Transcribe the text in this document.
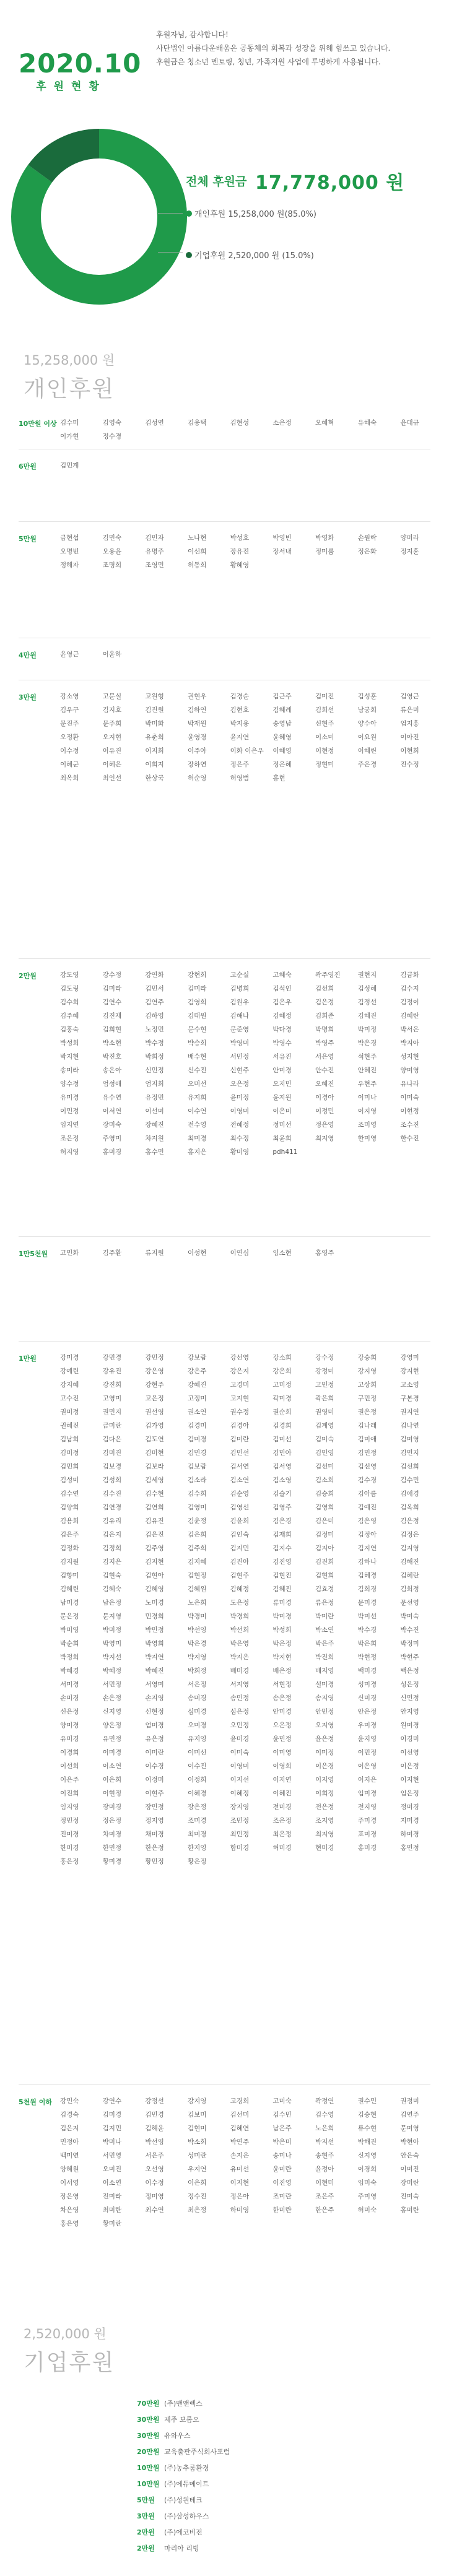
2020.10
후원현황
후원자님, 감사합니다!
사단법인 아름다운배움은 공동체의 회복과 성장을 위해 힘쓰고 있습니다.
후원금은 청소년 멘토링, 청년, 가족지원 사업에 투명하게 사용됩니다.
전체 후원금 17,778,000 원
개인후원 15,258,000 원(85.0%)
기업후원 2,520,000 원 (15.0%)
15,258,000 원
개인후원
10만원 이상 김수미	김영숙	김성연	김용택	김현성	소은정	오혜혁	유혜숙	윤대규
이가현	정수경
6만원	김민계
5만원	금현섭	김민숙	김민자	노나현	박성호	박영빈	박영화	손원락	양미라
오명빈	오용윤	유명주	이선희	장유진	장서내	정미름	정은화	정지훈
정해자	조명희	조영민	허동희	황혜영
4만원	윤영근	이윤하
3만원	강소영	고문실	고원형	권현우	김경순	김근주	김미진	김성훈	김영근
김우구	김지호	김진원	김하연	김현호	김혜례	김희선	남궁회	류은미
문진주	문주희	박미화	박재원	박지용	송영남	신현주	양수아	엄지홍
오정환	오지현	유춘희	윤영경	윤지연	윤혜영	이소미	이요원	이아진
이수정	이유진	이지희	이주아	이화 이은우	이혜영	이현정	이혜린	이현희
이혜군	이혜은	이희지	장하연	정은주	정은혜	정현미	주은경	진수정
최옥희	최인선	한상국	허순영	허영범	홍현
2만원	강도영	강수정	강연화	강현희	고순실	고혜숙	곽주영진	권현지	김금화
김도링	김미라	김민서	김미라	김병희	김석인	김선희	김성혜	김수지
김수희	김연수	김연주	김영희	김원우	김은우	김은정	김정선	김정이
김주혜	김진재	김하영	김태원	김해나	김혜정	김희준	김혜진	김혜란
김홍숙	김희현	노정민	문수현	문준영	박다경	박명희	박미정	박서은
박성희	박소현	박수정	박승희	박영미	박영수	박영주	박은경	박지아
박지현	박진호	박희정	배수현	서민정	서유진	서은영	석현주	성지현
송미라	송은아	신민정	신수진	신현주	안미경	안수진	안혜진	양미영
양수정	엄성애	엄지희	오미선	오은정	오지민	오혜진	우현주	유나라
유미경	유수연	유정민	유지희	윤미정	윤지원	이경아	이미나	이미숙
이민정	이서연	이선미	이수연	이영미	이은미	이정민	이지영	이현정
임지연	장미숙	장혜진	전수영	전혜정	정미선	정은영	조미영	조수진
조은정	주영미	차지원	최미경	최수정	최윤희	최지영	한미영	한수진
허지영	홍미경	홍수민	홍지은	황미영	pdh411
1만5천원	고민화	김주환	류지원	이성현	이연심	임소현	홍영주
1만원	강미경	강민경	강민정	강보람	강선영	강소희	강수정	강승희	강영미
강예린	강유진	강은영	강은주	강은지	강은희	강정미	강지영	강지현
강지혜	강진희	강현주	강혜진	고경미	고미정	고민정	고상희	고소영
고수진	고영미	고은정	고정미	고지현	곽미경	곽은희	구민정	구본경
권미정	권민지	권선영	권소연	권수정	권순희	권영미	권은정	권지연
권혜진	금미란	김가영	김경미	김경아	김경희	김계영	김나래	김나연
김남희	김다은	김도연	김미경	김미란	김미선	김미숙	김미애	김미영
김미정	김미진	김미현	김민경	김민선	김민아	김민영	김민정	김민지
김민희	김보경	김보라	김보람	김서연	김서영	김선미	김선영	김선희
김성미	김성희	김세영	김소라	김소연	김소영	김소희	김수경	김수민
김수연	김수진	김수현	김수희	김순영	김슬기	김승희	김아름	김애경
김양희	김연경	김연희	김영미	김영선	김영주	김영희	김예진	김옥희
김용희	김유리	김유진	김윤정	김윤희	김은경	김은미	김은영	김은정
김은주	김은지	김은진	김은희	김인숙	김재희	김정미	김정아	김정은
김정화	김정희	김주영	김주희	김지민	김지수	김지아	김지연	김지영
김지원	김지은	김지현	김지혜	김진아	김진영	김진희	김하나	김해진
김향미	김현숙	김현아	김현정	김현주	김현진	김현희	김혜경	김혜란
김혜린	김혜숙	김혜영	김혜원	김혜정	김혜진	김효정	김희경	김희정
남미경	남은정	노미경	노은희	도은정	류미경	류은정	문미경	문선영
문은정	문지영	민경희	박경미	박경희	박미경	박미란	박미선	박미숙
박미영	박미정	박민정	박선영	박선희	박성희	박소연	박수경	박수진
박순희	박영미	박영희	박은경	박은영	박은정	박은주	박은희	박정미
박정희	박지선	박지연	박지영	박지은	박지현	박진희	박현정	박현주
박혜경	박혜정	박혜진	박희정	배미경	배은정	배지영	백미경	백은정
서미경	서민정	서영미	서은정	서지영	서현정	설미경	성미경	성은정
손미경	손은정	손지영	송미경	송민정	송은정	송지영	신미경	신민정
신은정	신지영	신현정	심미경	심은정	안미경	안민정	안은정	안지영
양미경	양은정	엄미경	오미경	오민정	오은정	오지영	우미경	원미경
유미경	유민정	유은정	유지영	윤미경	윤민정	윤은정	윤지영	이경미
이경희	이미경	이미란	이미선	이미숙	이미영	이미정	이민정	이선영
이선희	이소연	이수경	이수진	이영미	이영희	이은경	이은영	이은정
이은주	이은희	이정미	이정희	이지선	이지연	이지영	이지은	이지현
이진희	이현정	이현주	이혜경	이혜정	이혜진	이희정	임미경	임은정
임지영	장미경	장민정	장은정	장지영	전미경	전은정	전지영	정미경
정민정	정은정	정지영	조미경	조민정	조은정	조지영	주미경	지미경
진미경	차미경	채미경	최미경	최민정	최은정	최지영	표미경	하미경
한미경	한민정	한은정	한지영	함미경	허미경	현미경	홍미경	홍민정
홍은정	황미경	황민정	황은정
5천원 이하	강민숙	강연수	강정선	강지영	고경희	고미숙	곽정연	권수민	권정미
김경숙	김미경	김민경	김보미	김선미	김수민	김수영	김승현	김연주
김은지	김지민	김해윤	김현미	김혜연	남은주	노은희	류수현	문미영
민정아	박미나	박선영	박소희	박연주	박은미	박지선	박해진	박현아
백미연	서민영	서은주	성미란	손지은	송미나	송현주	신지영	안은숙
양혜원	오미진	오선영	우지연	유미선	윤미란	윤정아	이경희	이미진
이서영	이소연	이수정	이은희	이지현	이진영	이현미	임미숙	장미란
장은영	전미라	정미영	정수진	정은아	조미란	조은주	주미영	진미숙
차은영	최미란	최수연	최은정	하미영	한미란	한은주	허미숙	홍미란
홍은영	황미란
2,520,000 원
기업후원
70만원 (주)맨앤렉스
30만원 제주 보롬오
30만원 유와우스
20만원 교육출판주식회사포럼
10만원 (주)농추룸환경
10만원 (주)에듀메이트
5만원 (주)성원테크
3만원 (주)삼성하우스
2만원 (주)에코비전
2만원 마리아 리빙
